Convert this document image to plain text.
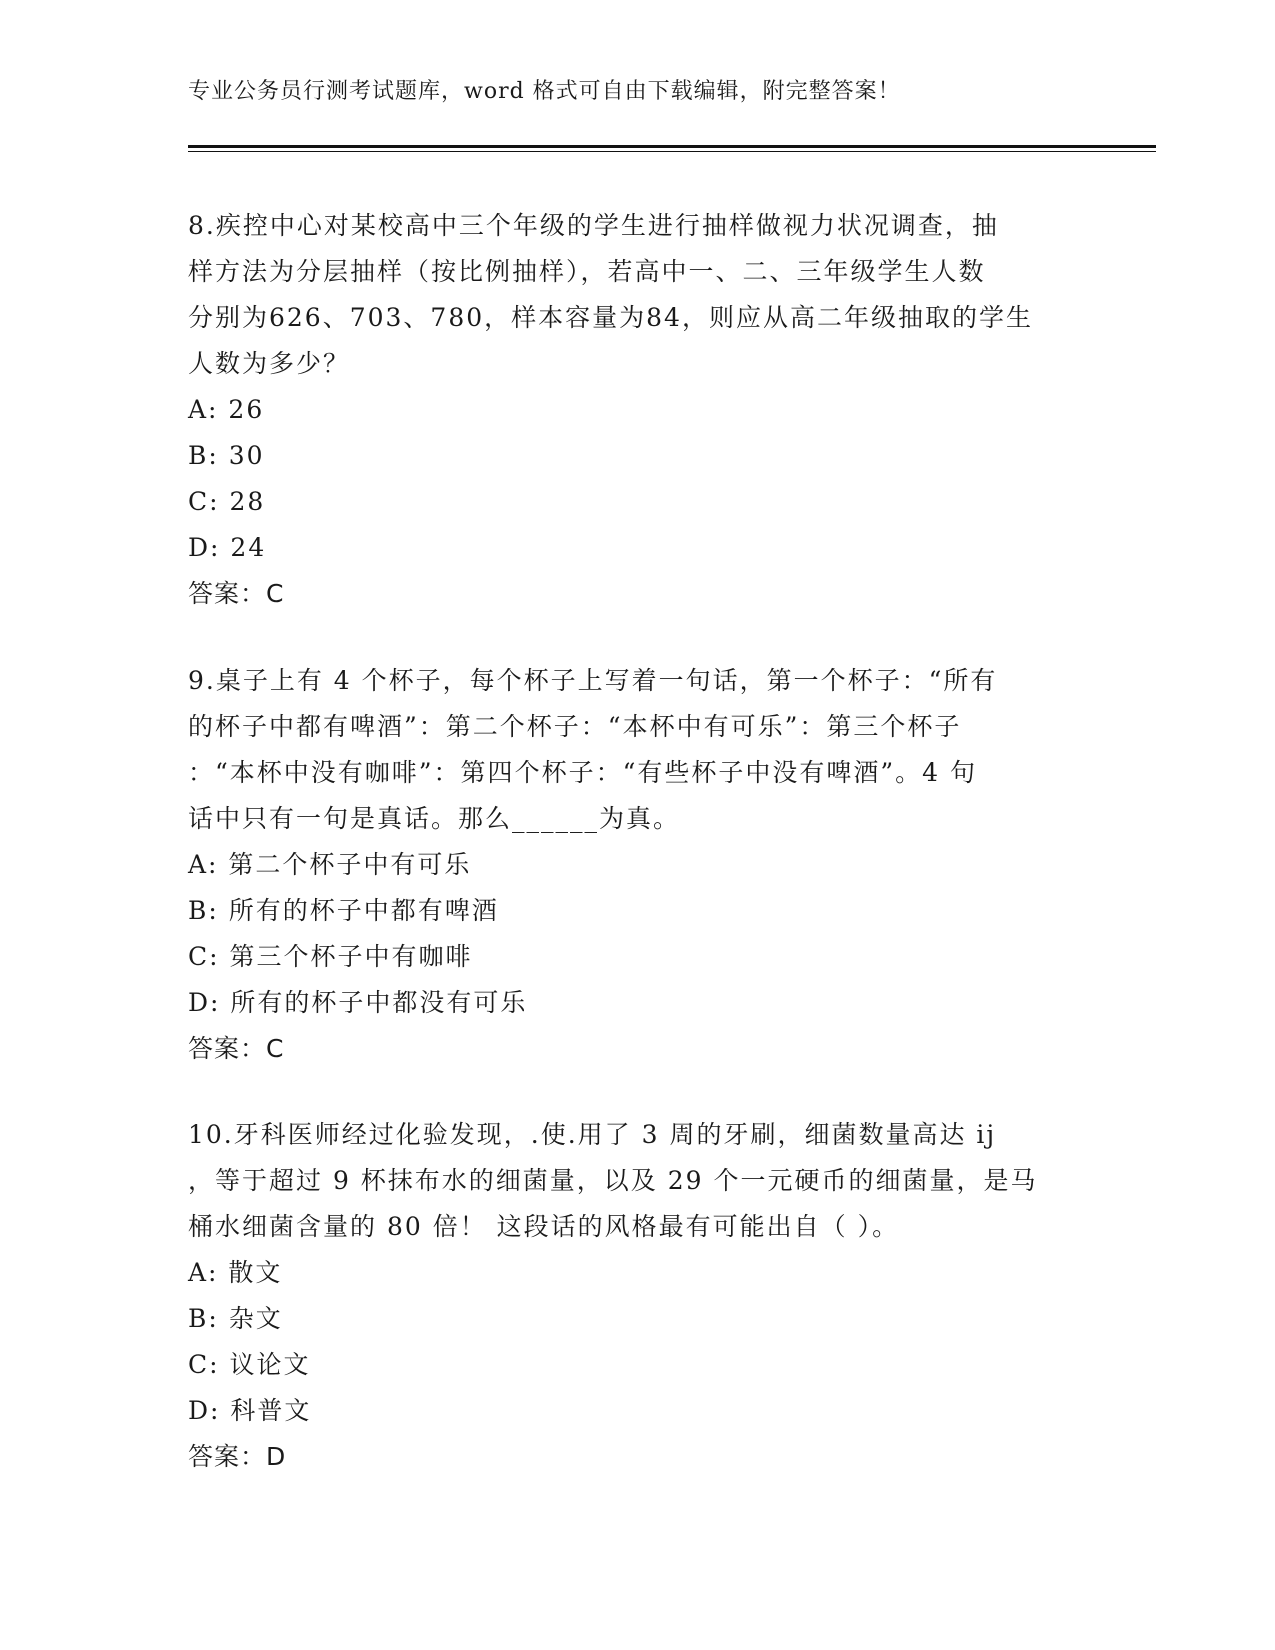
专业公务员行测考试题库，word 格式可自由下载编辑，附完整答案！

8.疾控中心对某校高中三个年级的学生进行抽样做视力状况调查，抽

样方法为分层抽样（按比例抽样），若高中一、二、三年级学生人数

分别为626、703、780，样本容量为84，则应从高二年级抽取的学生

人数为多少？

A: 26

B: 30

C: 28

D: 24

答案：C

9.桌子上有 4 个杯子，每个杯子上写着一句话，第一个杯子：“所有

的杯子中都有啤酒”：第二个杯子：“本杯中有可乐”：第三个杯子

：“本杯中没有咖啡”：第四个杯子：“有些杯子中没有啤酒”。4 句

话中只有一句是真话。那么______为真。

A: 第二个杯子中有可乐

B: 所有的杯子中都有啤酒

C: 第三个杯子中有咖啡

D: 所有的杯子中都没有可乐

答案：C

10.牙科医师经过化验发现，.使.用了 3 周的牙刷，细菌数量高达 ij

，等于超过 9 杯抹布水的细菌量，以及 29 个一元硬币的细菌量，是马

桶水细菌含量的 80 倍！ 这段话的风格最有可能出自（ ）。

A: 散文

B: 杂文

C: 议论文

D: 科普文

答案：D
